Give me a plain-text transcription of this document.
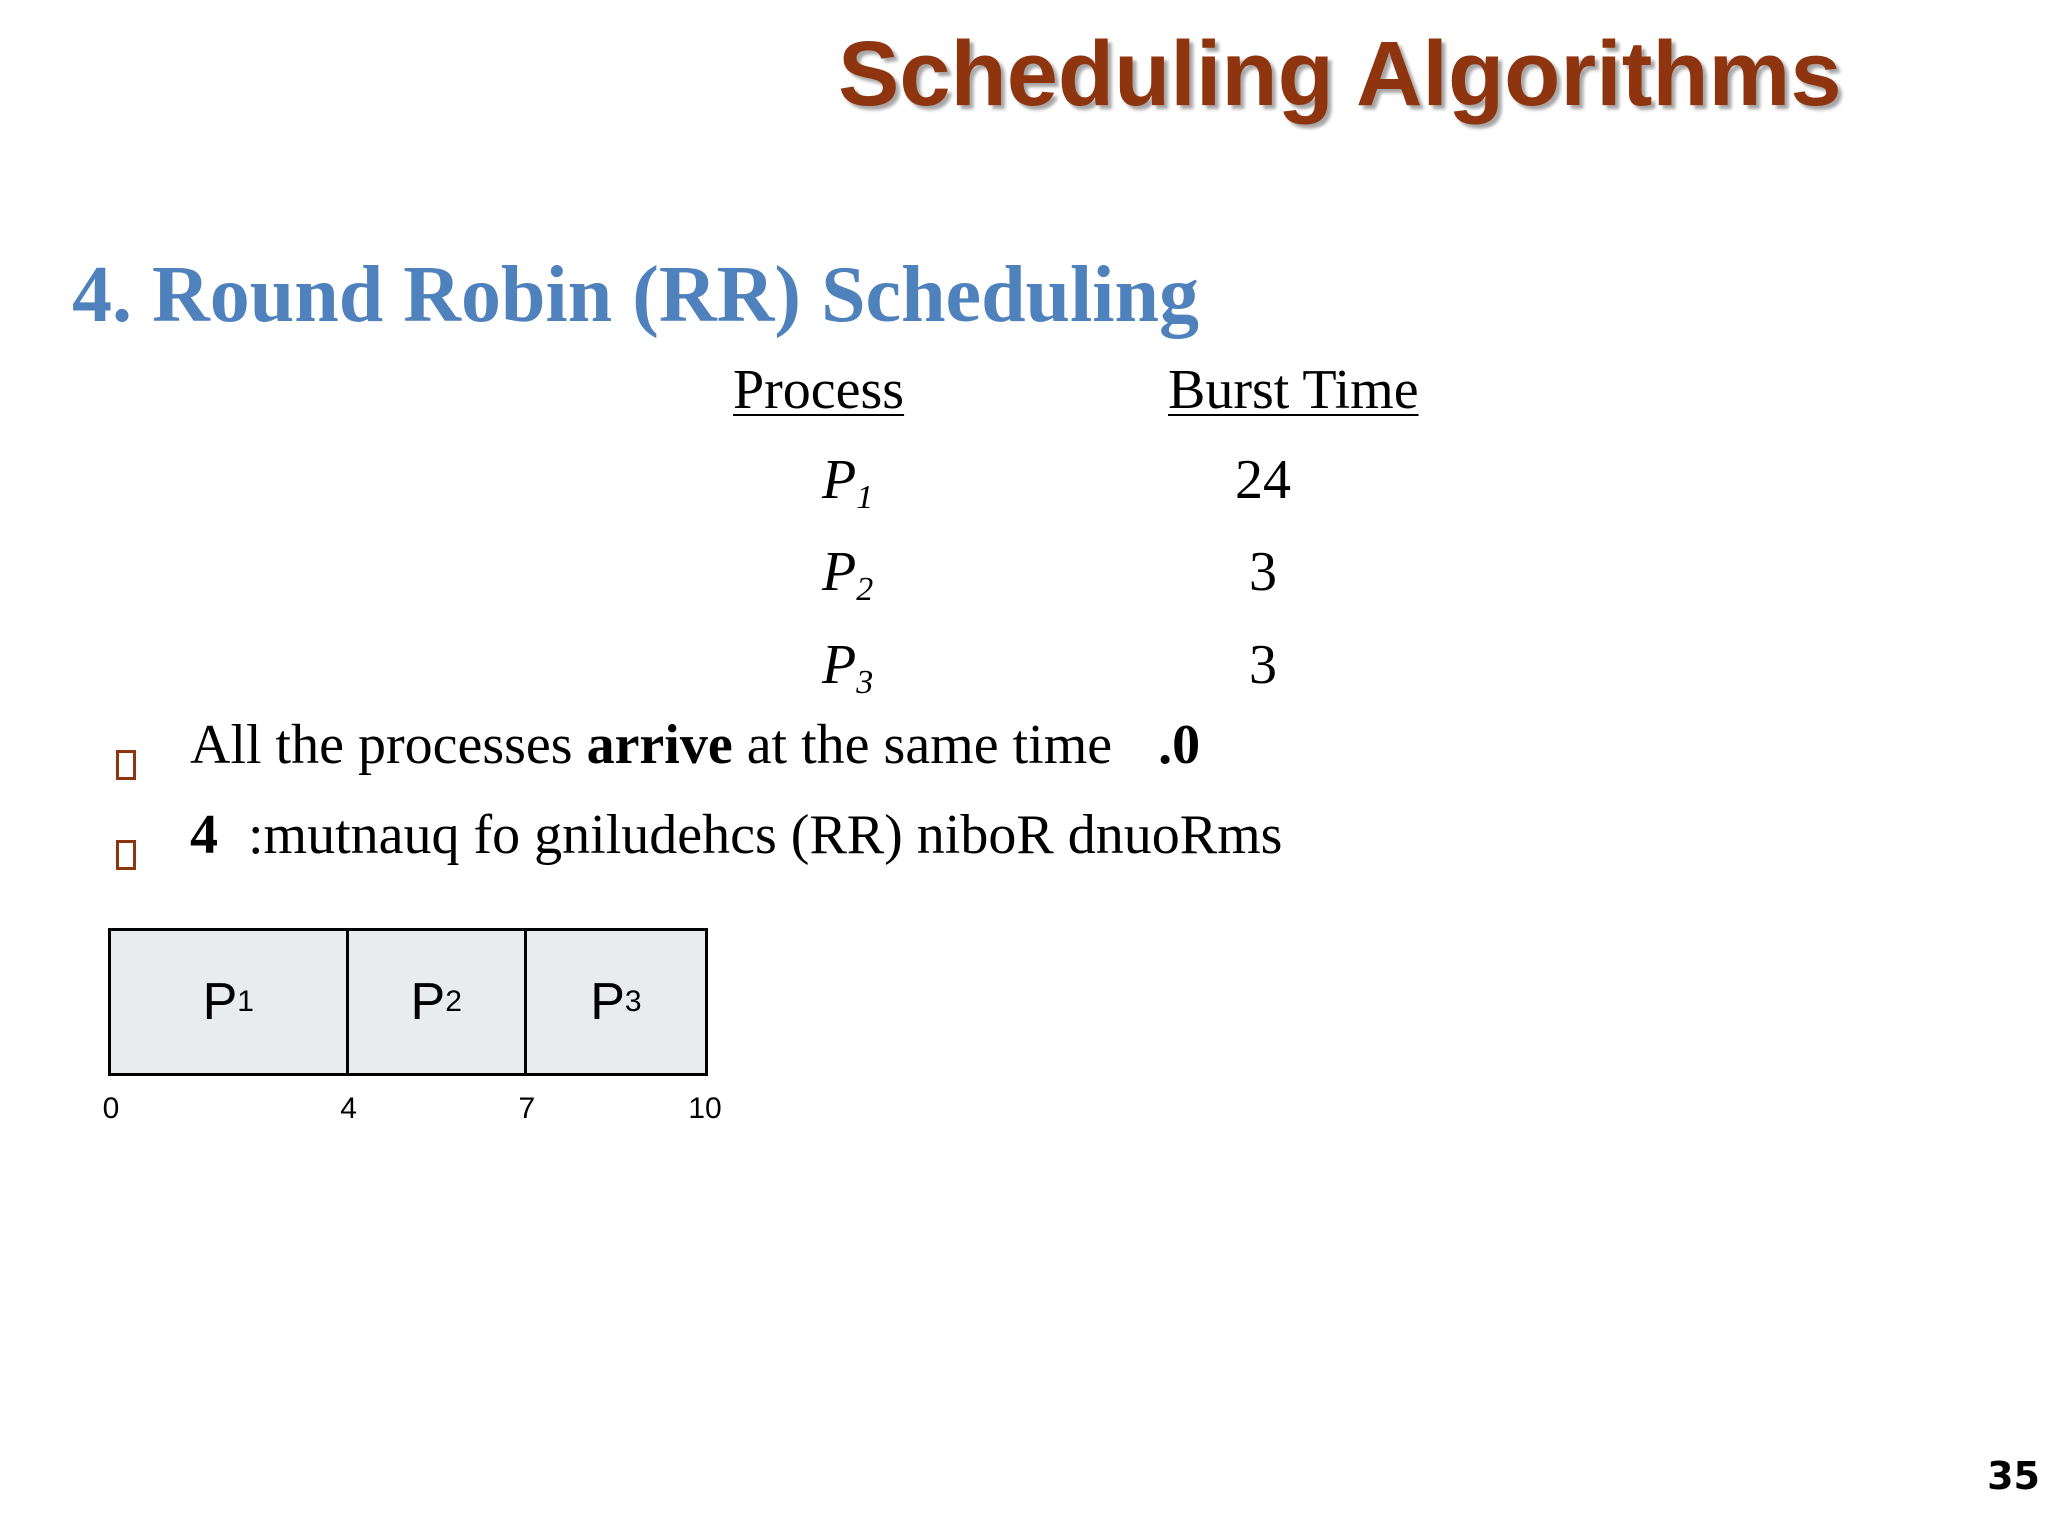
Scheduling Algorithms
4. Round Robin (RR) Scheduling
Process	Burst Time
$P_1$	24
$P_2$	3
$P_3$	3
All the processes arrive at the same time .0
4 :mutnauq fo gniludehcs (RR) niboR dnuoRms
P 1	P 2 P 3
0	4	7	10
35
